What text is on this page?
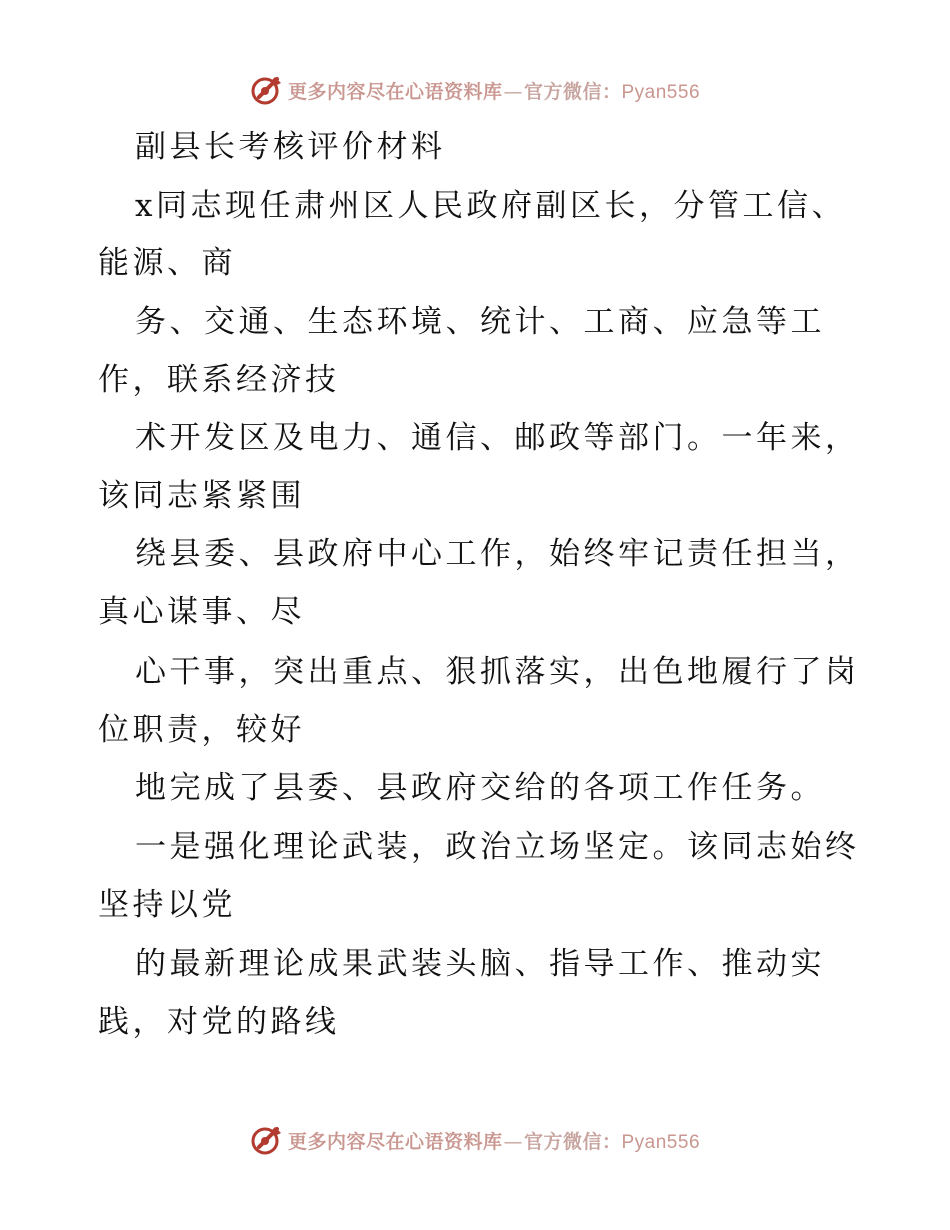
更多内容尽在心语资料库 — 官方微信： Pyan556
副县长考核评价材料
x同志现任肃州区人民政府副区长，分管工信、
能源、商
务、交通、生态环境、统计、工商、应急等工
作，联系经济技
术开发区及电力、通信、邮政等部门。一年来，
该同志紧紧围
绕县委、县政府中心工作，始终牢记责任担当，
真心谋事、尽
心干事，突出重点、狠抓落实，出色地履行了岗
位职责，较好
地完成了县委、县政府交给的各项工作任务。
一是强化理论武装，政治立场坚定。该同志始终
坚持以党
的最新理论成果武装头脑、指导工作、推动实
践，对党的路线
更多内容尽在心语资料库 — 官方微信： Pyan556
